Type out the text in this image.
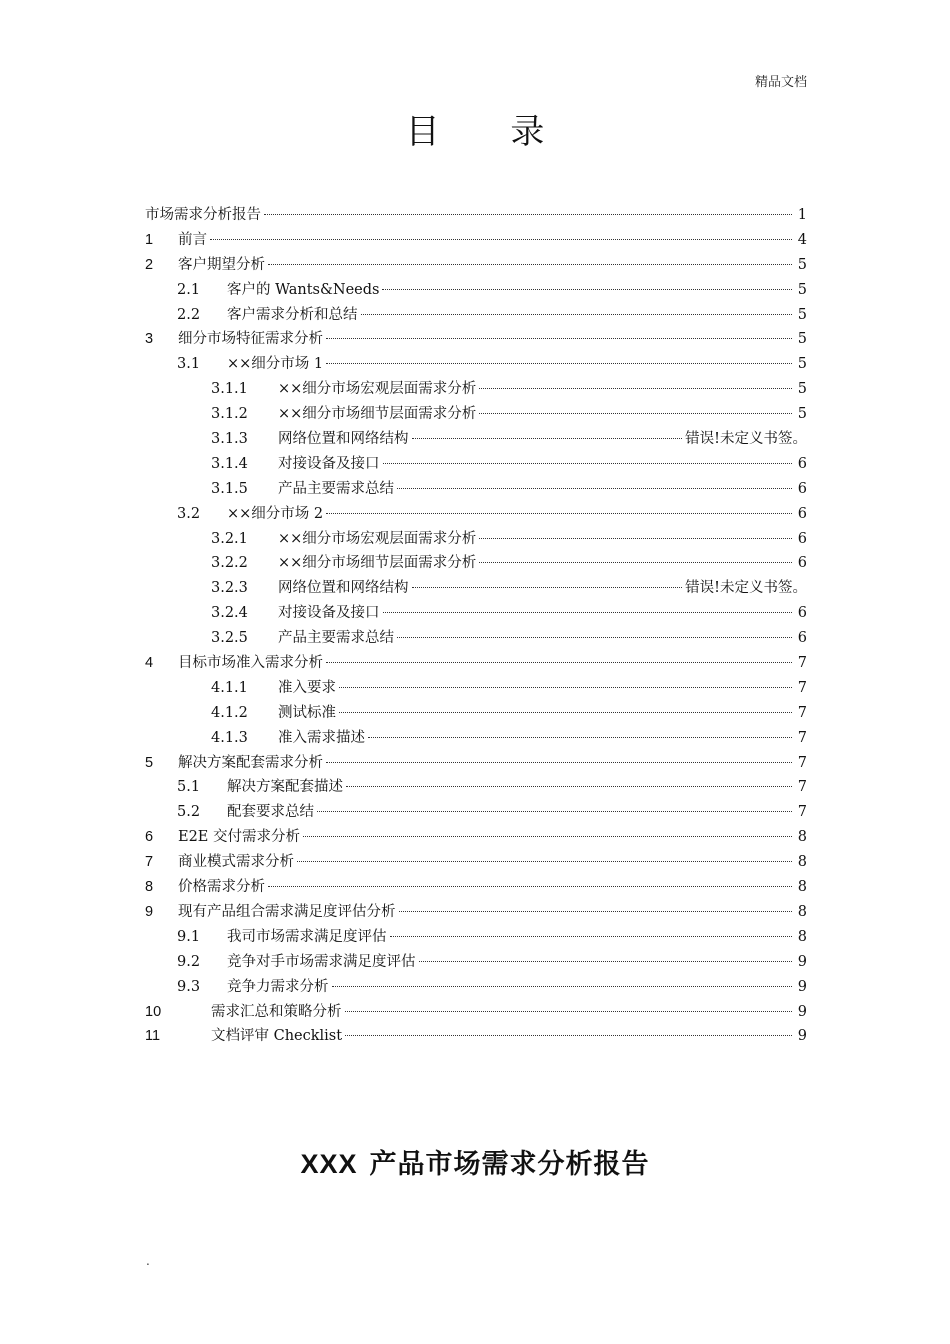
精品文档
目 录
市场需求分析报告	1
1	前言	4
2	客户期望分析	5
2.1	客户的 Wants&Needs	5
2.2	客户需求分析和总结	5
3	细分市场特征需求分析	5
3.1	××细分市场 1	5
3.1.1	××细分市场宏观层面需求分析	5
3.1.2	××细分市场细节层面需求分析	5
3.1.3	网络位置和网络结构	错误!未定义书签。
3.1.4	对接设备及接口	6
3.1.5	产品主要需求总结	6
3.2	××细分市场 2	6
3.2.1	××细分市场宏观层面需求分析	6
3.2.2	××细分市场细节层面需求分析	6
3.2.3	网络位置和网络结构	错误!未定义书签。
3.2.4	对接设备及接口	6
3.2.5	产品主要需求总结	6
4	目标市场准入需求分析	7
4.1.1	准入要求	7
4.1.2	测试标准	7
4.1.3	准入需求描述	7
5	解决方案配套需求分析	7
5.1	解决方案配套描述	7
5.2	配套要求总结	7
6	E2E 交付需求分析	8
7	商业模式需求分析	8
8	价格需求分析	8
9	现有产品组合需求满足度评估分析	8
9.1	我司市场需求满足度评估	8
9.2	竞争对手市场需求满足度评估	9
9.3	竞争力需求分析	9
10	需求汇总和策略分析	9
11	文档评审 Checklist	9
XXX 产品市场需求分析报告
.
